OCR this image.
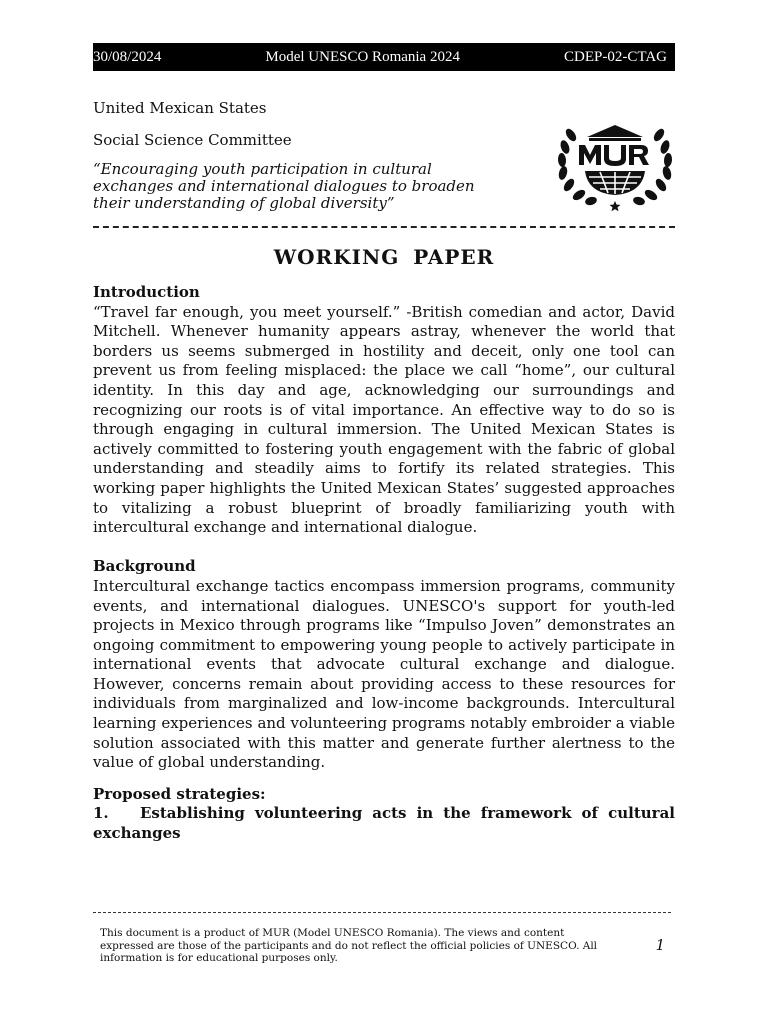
30/08/2024	Model UNESCO Romania 2024	CDEP-02-CTAG
United Mexican States
Social Science Committee
“Encouraging youth participation in cultural exchanges and international dialogues to broaden their understanding of global diversity”
WORKING PAPER
Introduction

“Travel far enough, you meet yourself.” -British comedian and actor, David Mitchell. Whenever humanity appears astray, whenever the world that borders us seems submerged in hostility and deceit, only one tool can prevent us from feeling misplaced: the place we call “home”, our cultural identity. In this day and age, acknowledging our surroundings and recognizing our roots is of vital importance. An effective way to do so is through engaging in cultural immersion. The United Mexican States is actively committed to fostering youth engagement with the fabric of global understanding and steadily aims to fortify its related strategies. This working paper highlights the United Mexican States’ suggested approaches to vitalizing a robust blueprint of broadly familiarizing youth with intercultural exchange and international dialogue.

Background

Intercultural exchange tactics encompass immersion programs, community events, and international dialogues. UNESCO's support for youth-led projects in Mexico through programs like “Impulso Joven” demonstrates an ongoing commitment to empowering young people to actively participate in international events that advocate cultural exchange and dialogue. However, concerns remain about providing access to these resources for individuals from marginalized and low-income backgrounds. Intercultural learning experiences and volunteering programs notably embroider a viable solution associated with this matter and generate further alertness to the value of global understanding.

Proposed strategies:
1. Establishing volunteering acts in the framework of cultural exchanges
This document is a product of MUR (Model UNESCO Romania). The views and content expressed are those of the participants and do not reflect the official policies of UNESCO. All information is for educational purposes only.
1
